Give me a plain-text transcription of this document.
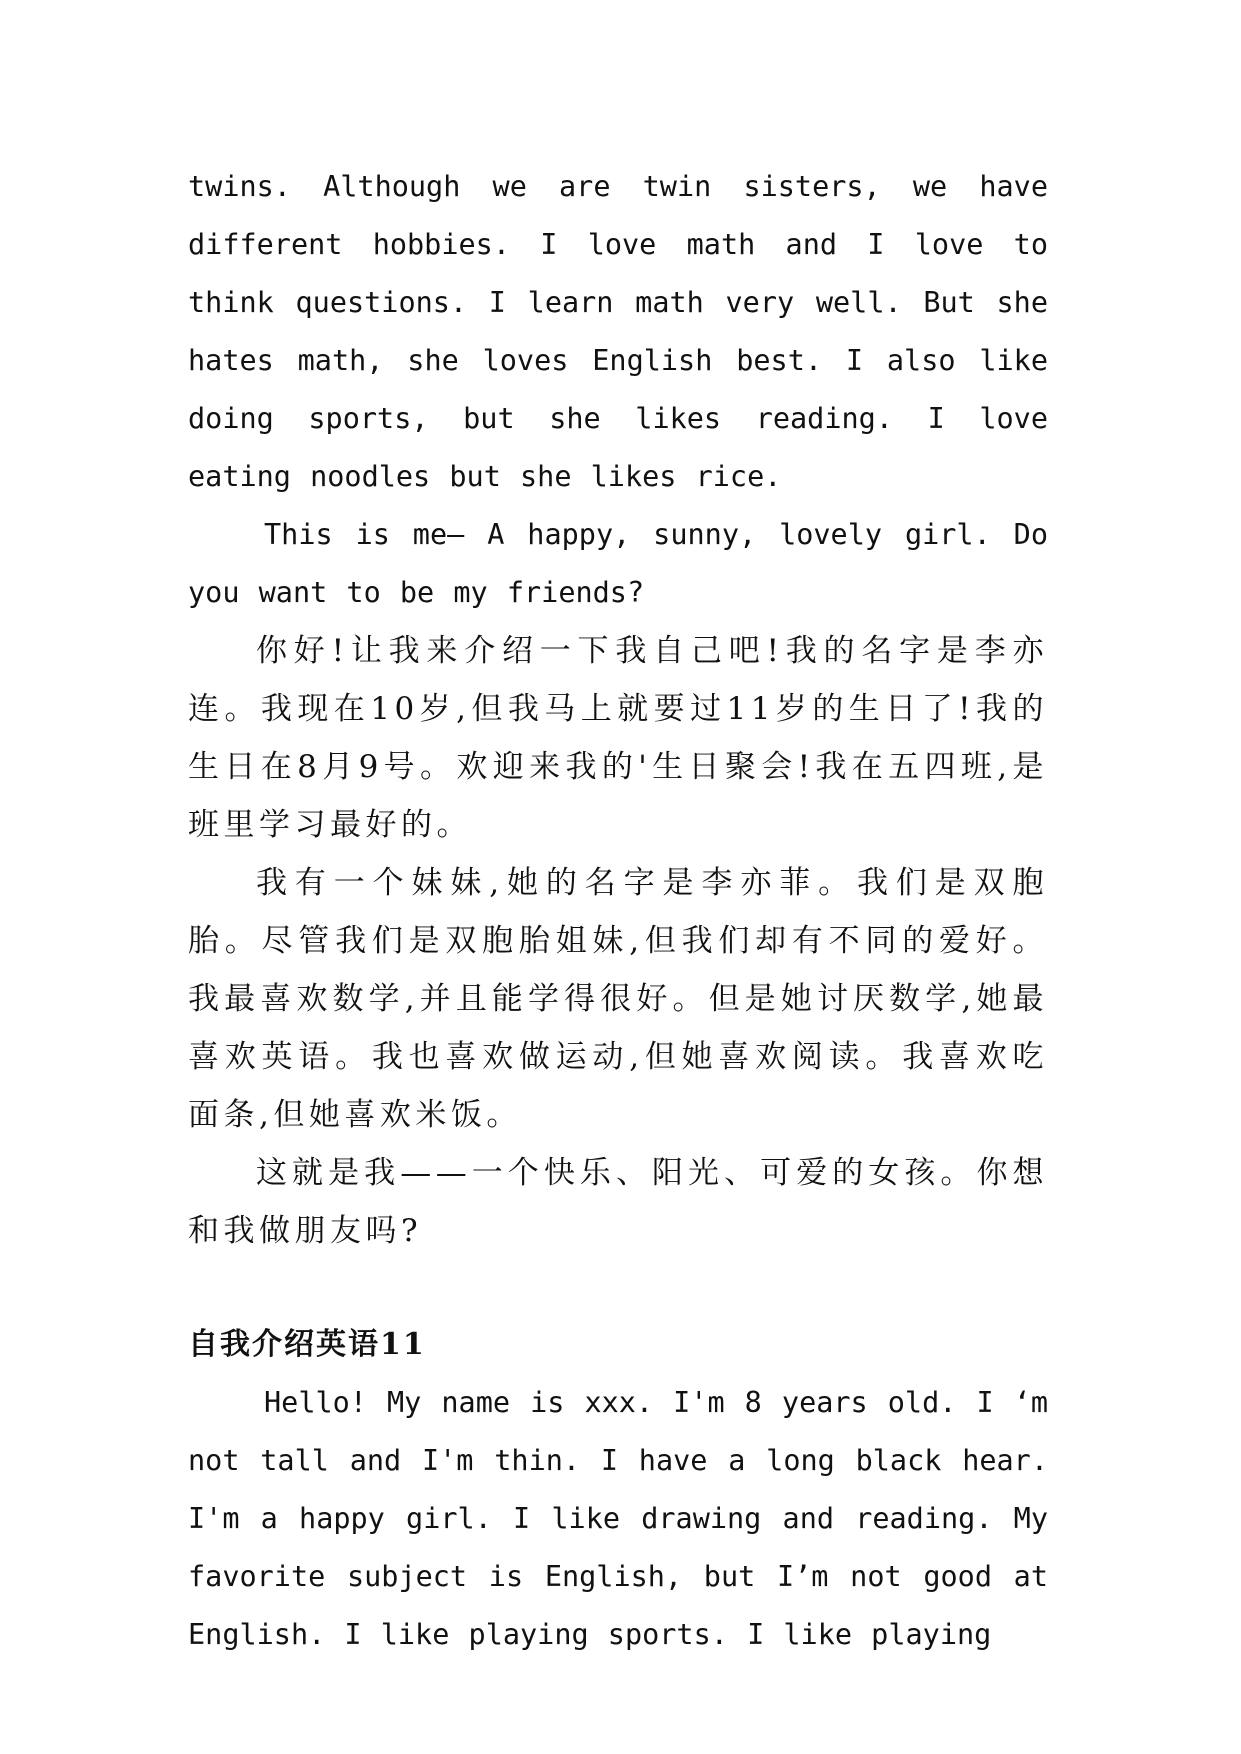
twins. Although we are twin sisters, we have different hobbies. I love math and I love to think questions. I learn math very well. But she hates math, she loves English best. I also like doing sports, but she likes reading. I love eating noodles but she likes rice.

This is me— A happy, sunny, lovely girl. Do you want to be my friends?

你好!让我来介绍一下我自己吧!我的名字是李亦连。我现在10岁,但我马上就要过11岁的生日了!我的生日在8月9号。欢迎来我的'生日聚会!我在五四班,是班里学习最好的。

我有一个妹妹,她的名字是李亦菲。我们是双胞胎。尽管我们是双胞胎姐妹,但我们却有不同的爱好。我最喜欢数学,并且能学得很好。但是她讨厌数学,她最喜欢英语。我也喜欢做运动,但她喜欢阅读。我喜欢吃面条,但她喜欢米饭。

这就是我——一个快乐、阳光、可爱的女孩。你想和我做朋友吗?

自我介绍英语11

Hello! My name is xxx. I'm 8 years old. I ‘m not tall and I'm thin. I have a long black hear. I'm a happy girl. I like drawing and reading. My favorite subject is English, but I’m not good at English. I like playing sports. I like playing
